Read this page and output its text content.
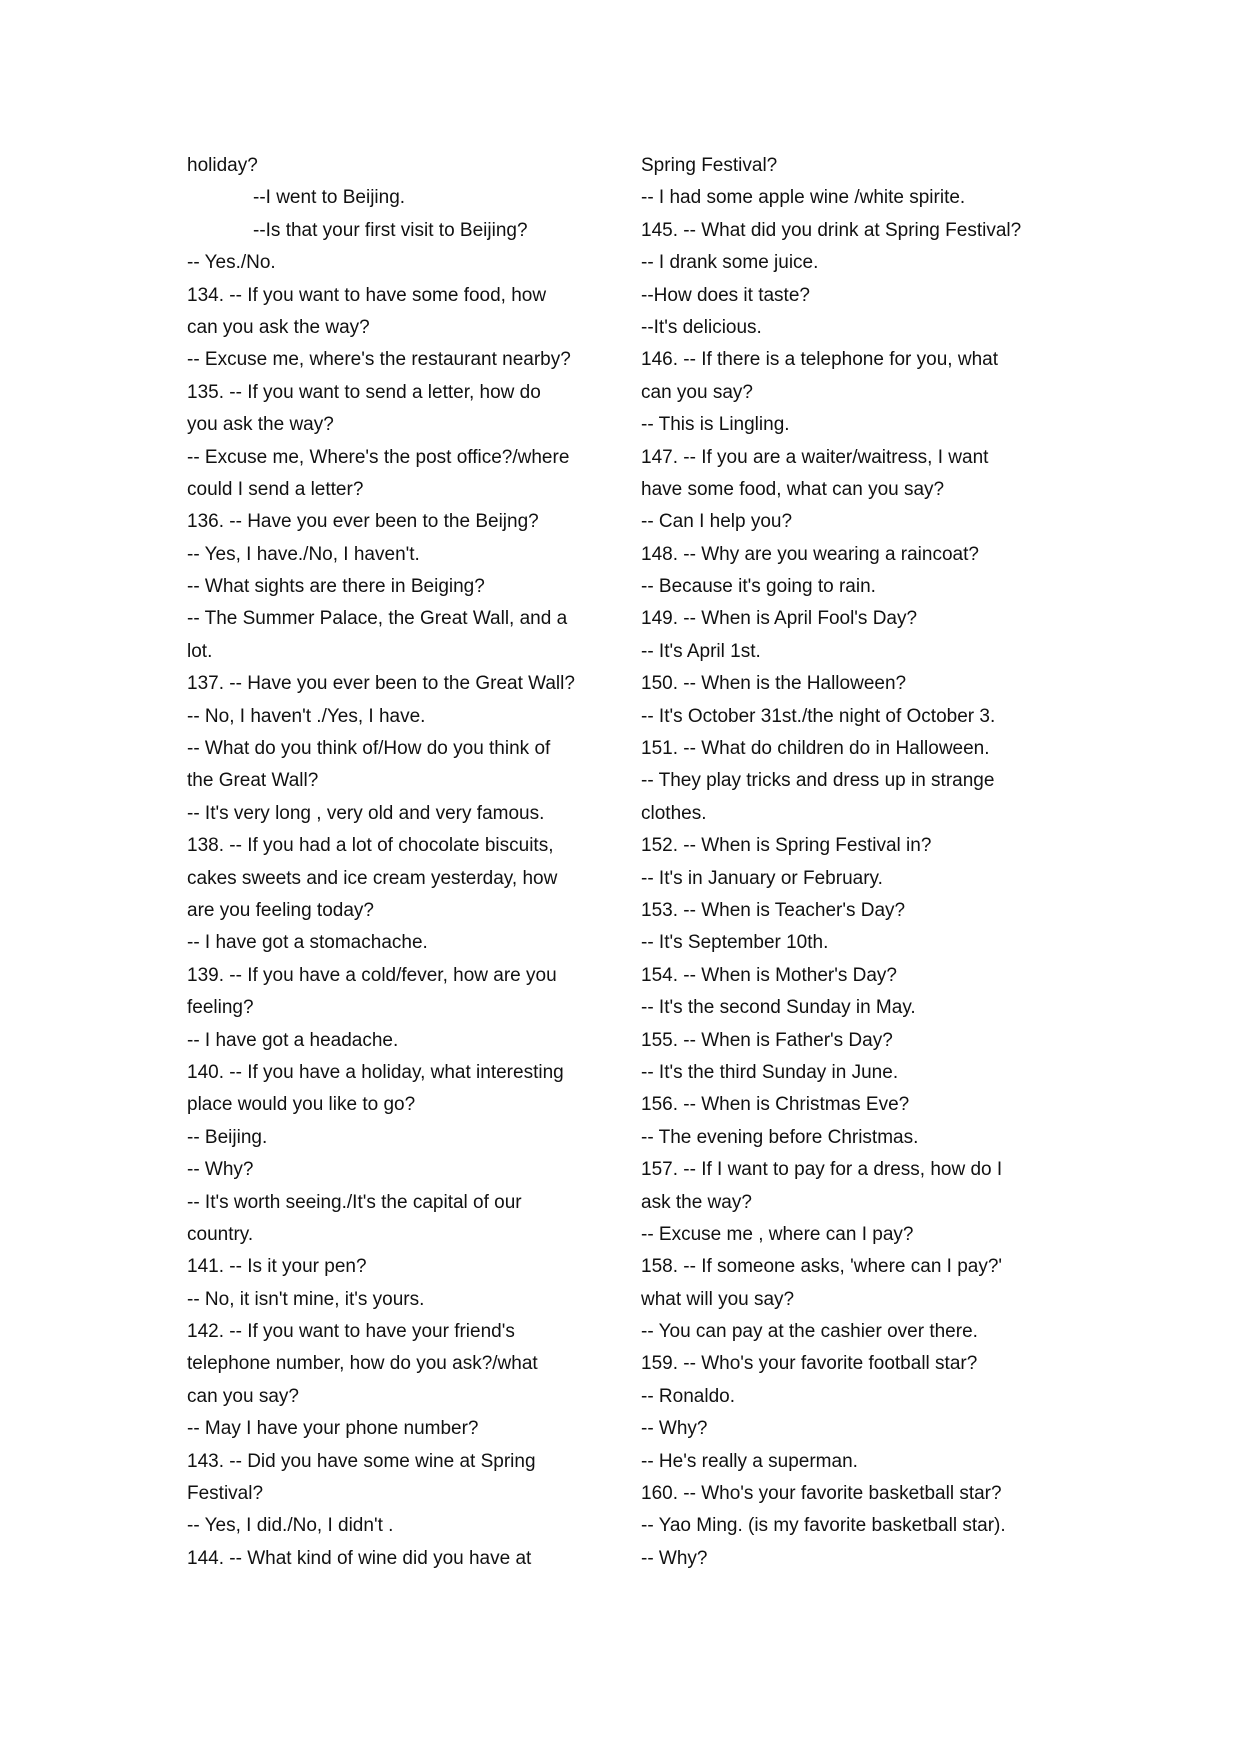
holiday?
--I went to Beijing.
--Is that your first visit to Beijing?
-- Yes./No.
134. -- If you want to have some food, how
can you ask the way?
-- Excuse me, where's the restaurant nearby?
135. -- If you want to send a letter, how do
you ask the way?
-- Excuse me, Where's the post office?/where
could I send a letter?
136. -- Have you ever been to the Beijng?
-- Yes, I have./No, I haven't.
-- What sights are there in Beiging?
-- The Summer Palace, the Great Wall, and a
lot.
137. -- Have you ever been to the Great Wall?
-- No, I haven't ./Yes, I have.
-- What do you think of/How do you think of
the Great Wall?
-- It's very long , very old and very famous.
138. -- If you had a lot of chocolate biscuits,
cakes sweets and ice cream yesterday, how
are you feeling today?
-- I have got a stomachache.
139. -- If you have a cold/fever, how are you
feeling?
-- I have got a headache.
140. -- If you have a holiday, what interesting
place would you like to go?
-- Beijing.
-- Why?
-- It's worth seeing./It's the capital of our
country.
141. -- Is it your pen?
-- No, it isn't mine, it's yours.
142. -- If you want to have your friend's
telephone number, how do you ask?/what
can you say?
-- May I have your phone number?
143. -- Did you have some wine at Spring
Festival?
-- Yes, I did./No, I didn't .
144. -- What kind of wine did you have at
Spring Festival?
-- I had some apple wine /white spirite.
145. -- What did you drink at Spring Festival?
-- I drank some juice.
--How does it taste?
--It's delicious.
146. -- If there is a telephone for you, what
can you say?
-- This is Lingling.
147. -- If you are a waiter/waitress, I want
have some food, what can you say?
-- Can I help you?
148. -- Why are you wearing a raincoat?
-- Because it's going to rain.
149. -- When is April Fool's Day?
-- It's April 1st.
150. -- When is the Halloween?
-- It's October 31st./the night of October 3.
151. -- What do children do in Halloween.
-- They play tricks and dress up in strange
clothes.
152. -- When is Spring Festival in?
-- It's in January or February.
153. -- When is Teacher's Day?
-- It's September 10th.
154. -- When is Mother's Day?
-- It's the second Sunday in May.
155. -- When is Father's Day?
-- It's the third Sunday in June.
156. -- When is Christmas Eve?
-- The evening before Christmas.
157. -- If I want to pay for a dress, how do I
ask the way?
-- Excuse me , where can I pay?
158. -- If someone asks, 'where can I pay?'
what will you say?
-- You can pay at the cashier over there.
159. -- Who's your favorite football star?
-- Ronaldo.
-- Why?
-- He's really a superman.
160. -- Who's your favorite basketball star?
-- Yao Ming. (is my favorite basketball star).
-- Why?
